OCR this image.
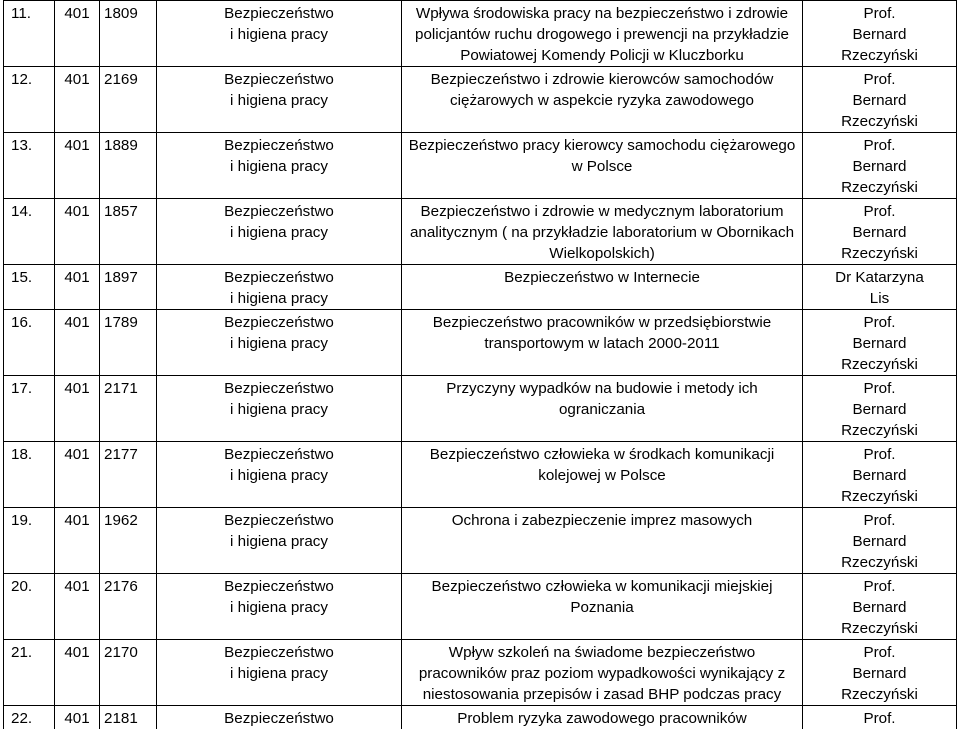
11.	401	1809	Bezpieczeństwo
i higiena pracy	Wpływa środowiska pracy na bezpieczeństwo i zdrowie policjantów ruchu drogowego i prewencji na przykładzie Powiatowej Komendy Policji w Kluczborku	Prof.
Bernard
Rzeczyński

12.	401	2169	Bezpieczeństwo
i higiena pracy	Bezpieczeństwo i zdrowie kierowców samochodów ciężarowych w aspekcie ryzyka zawodowego	Prof.
Bernard
Rzeczyński

13.	401	1889	Bezpieczeństwo
i higiena pracy	Bezpieczeństwo pracy kierowcy samochodu ciężarowego w Polsce	Prof.
Bernard
Rzeczyński

14.	401	1857	Bezpieczeństwo
i higiena pracy	Bezpieczeństwo i zdrowie w medycznym laboratorium analitycznym ( na przykładzie laboratorium w Obornikach Wielkopolskich)	Prof.
Bernard
Rzeczyński

15.	401	1897	Bezpieczeństwo
i higiena pracy	Bezpieczeństwo w Internecie	Dr Katarzyna
Lis

16.	401	1789	Bezpieczeństwo
i higiena pracy	Bezpieczeństwo pracowników w przedsiębiorstwie transportowym w latach 2000-2011	Prof.
Bernard
Rzeczyński

17.	401	2171	Bezpieczeństwo
i higiena pracy	Przyczyny wypadków na budowie i metody ich ograniczania	Prof.
Bernard
Rzeczyński

18.	401	2177	Bezpieczeństwo
i higiena pracy	Bezpieczeństwo człowieka w środkach komunikacji kolejowej w Polsce	Prof.
Bernard
Rzeczyński

19.	401	1962	Bezpieczeństwo
i higiena pracy	Ochrona i zabezpieczenie imprez masowych	Prof.
Bernard
Rzeczyński

20.	401	2176	Bezpieczeństwo
i higiena pracy	Bezpieczeństwo człowieka w komunikacji miejskiej Poznania	Prof.
Bernard
Rzeczyński

21.	401	2170	Bezpieczeństwo
i higiena pracy	Wpływ szkoleń na świadome bezpieczeństwo pracowników praz poziom wypadkowości wynikający z niestosowania przepisów i zasad BHP podczas pracy	Prof.
Bernard
Rzeczyński

22.	401	2181	Bezpieczeństwo	Problem ryzyka zawodowego pracowników	Prof.
